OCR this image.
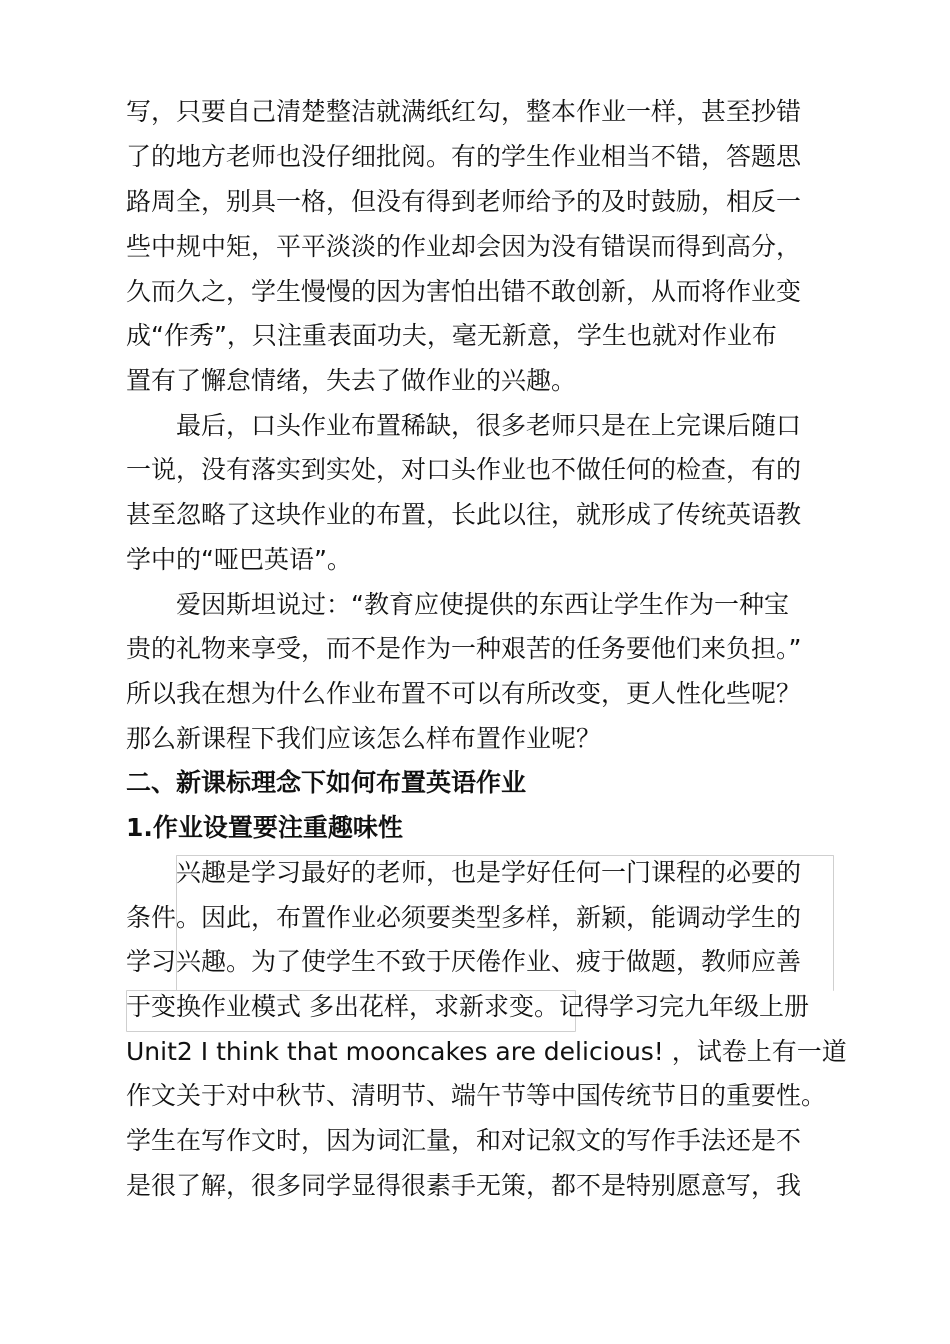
写，只要自己清楚整洁就满纸红勾，整本作业一样，甚至抄错
了的地方老师也没仔细批阅。有的学生作业相当不错，答题思
路周全，别具一格，但没有得到老师给予的及时鼓励，相反一
些中规中矩，平平淡淡的作业却会因为没有错误而得到高分，
久而久之，学生慢慢的因为害怕出错不敢创新，从而将作业变
成“作秀”，只注重表面功夫，毫无新意，学生也就对作业布
置有了懈怠情绪，失去了做作业的兴趣。
最后，口头作业布置稀缺，很多老师只是在上完课后随口
一说，没有落实到实处，对口头作业也不做任何的检查，有的
甚至忽略了这块作业的布置，长此以往，就形成了传统英语教
学中的“哑巴英语”。
爱因斯坦说过：“教育应使提供的东西让学生作为一种宝
贵的礼物来享受，而不是作为一种艰苦的任务要他们来负担。”
所以我在想为什么作业布置不可以有所改变，更人性化些呢？
那么新课程下我们应该怎么样布置作业呢？
二、新课标理念下如何布置英语作业
1.作业设置要注重趣味性
兴趣是学习最好的老师，也是学好任何一门课程的必要的
条件。因此，布置作业必须要类型多样，新颖，能调动学生的
学习兴趣。为了使学生不致于厌倦作业、疲于做题，教师应善
于变换作业模式 多出花样，求新求变。记得学习完九年级上册
Unit2 I think that mooncakes are delicious! ，试卷上有一道
作文关于对中秋节、清明节、端午节等中国传统节日的重要性。
学生在写作文时，因为词汇量，和对记叙文的写作手法还是不
是很了解，很多同学显得很素手无策，都不是特别愿意写，我
